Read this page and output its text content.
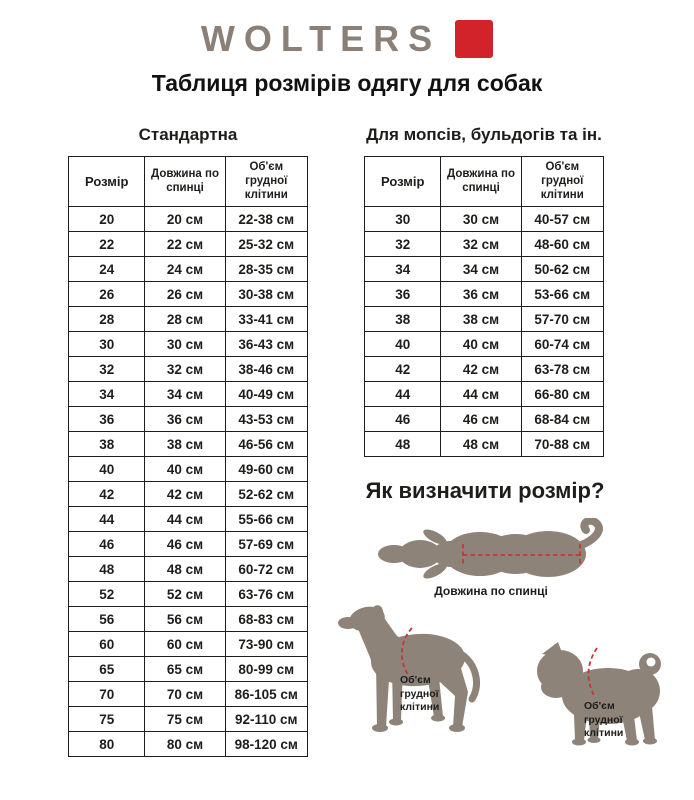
WOLTERS
Таблиця розмірів одягу для собак
Стандартна
Розмір	Довжина по спинці	Об'єм грудної клітини
20	20 см	22-38 см
22	22 см	25-32 см
24	24 см	28-35 см
26	26 см	30-38 см
28	28 см	33-41 см
30	30 см	36-43 см
32	32 см	38-46 см
34	34 см	40-49 см
36	36 см	43-53 см
38	38 см	46-56 см
40	40 см	49-60 см
42	42 см	52-62 см
44	44 см	55-66 см
46	46 см	57-69 см
48	48 см	60-72 см
52	52 см	63-76 см
56	56 см	68-83 см
60	60 см	73-90 см
65	65 см	80-99 см
70	70 см	86-105 см
75	75 см	92-110 см
80	80 см	98-120 см
Для мопсів, бульдогів та ін.
Розмір	Довжина по спинці	Об'єм грудної клітини
30	30 см	40-57 см
32	32 см	48-60 см
34	34 см	50-62 см
36	36 см	53-66 см
38	38 см	57-70 см
40	40 см	60-74 см
42	42 см	63-78 см
44	44 см	66-80 см
46	46 см	68-84 см
48	48 см	70-88 см
Як визначити розмір?
Довжина по спинці
Об'єм
грудної
клітини	Об'єм
грудної
клітини
